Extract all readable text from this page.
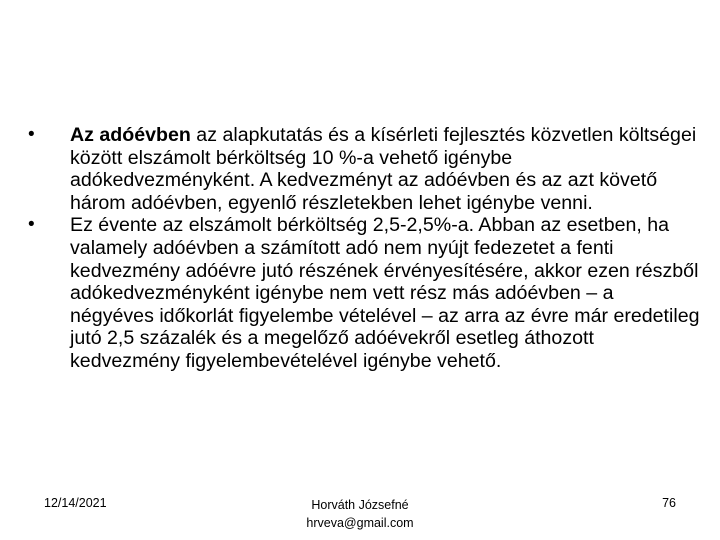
•	Az adóévben az alapkutatás és a kísérleti fejlesztés közvetlen költségei között elszámolt bérköltség 10 %-a vehető igénybe adókedvezményként. A kedvezményt az adóévben és az azt követő három adóévben, egyenlő részletekben lehet igénybe venni.
•	Ez évente az elszámolt bérköltség 2,5-2,5%-a. Abban az esetben, ha valamely adóévben a számított adó nem nyújt fedezetet a fenti kedvezmény adóévre jutó részének érvényesítésére, akkor ezen részből adókedvezményként igénybe nem vett rész más adóévben – a négyéves időkorlát figyelembe vételével – az arra az évre már eredetileg jutó 2,5 százalék és a megelőző adóévekről esetleg áthozott kedvezmény figyelembevételével igénybe vehető.
12/14/2021	Horváth Józsefné
hrveva@gmail.com
76
